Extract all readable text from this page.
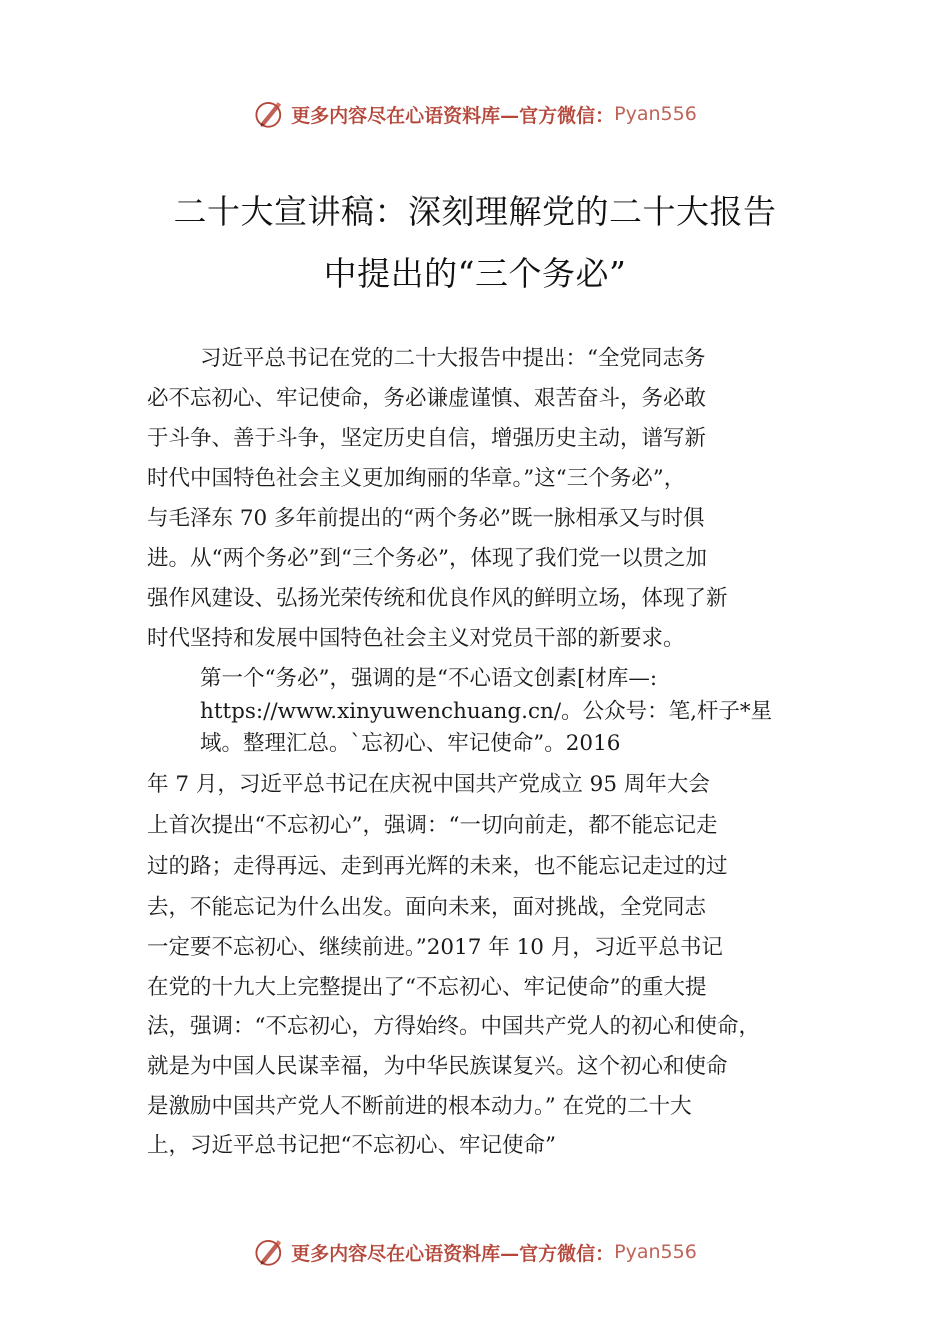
更多内容尽在心语资料库—官方微信： Pyan556
二十大宣讲稿：深刻理解党的二十大报告
中提出的“三个务必”
习近平总书记在党的二十大报告中提出：“全党同志务
必不忘初心、牢记使命，务必谦虚谨慎、艰苦奋斗，务必敢
于斗争、善于斗争，坚定历史自信，增强历史主动，谱写新
时代中国特色社会主义更加绚丽的华章。”这“三个务必”，
与毛泽东 70 多年前提出的“两个务必”既一脉相承又与时俱
进。从“两个务必”到“三个务必”，体现了我们党一以贯之加
强作风建设、弘扬光荣传统和优良作风的鲜明立场，体现了新
时代坚持和发展中国特色社会主义对党员干部的新要求。
第一个“务必”，强调的是“不心语文创素[材库—:
https://www.xinyuwenchuang.cn/。公众号：笔,杆子*星
域。整理汇总。`忘初心、牢记使命”。2016
年 7 月，习近平总书记在庆祝中国共产党成立 95 周年大会
上首次提出“不忘初心”，强调：“一切向前走，都不能忘记走
过的路；走得再远、走到再光辉的未来，也不能忘记走过的过
去，不能忘记为什么出发。面向未来，面对挑战，全党同志
一定要不忘初心、继续前进。”2017 年 10 月，习近平总书记
在党的十九大上完整提出了“不忘初心、牢记使命”的重大提
法，强调：“不忘初心，方得始终。中国共产党人的初心和使命，
就是为中国人民谋幸福，为中华民族谋复兴。这个初心和使命
是激励中国共产党人不断前进的根本动力。” 在党的二十大
上，习近平总书记把“不忘初心、牢记使命”
更多内容尽在心语资料库—官方微信： Pyan556
